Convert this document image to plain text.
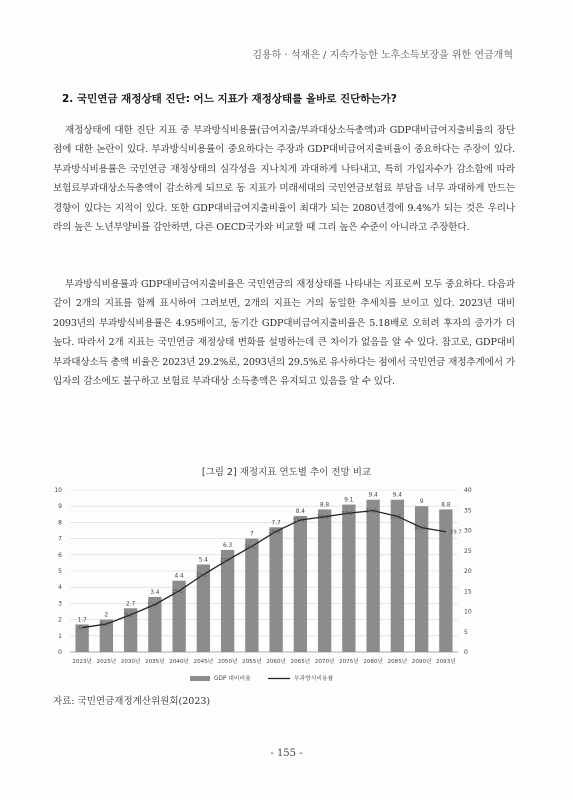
김용하 · 석재은 / 지속가능한 노후소득보장을 위한 연금개혁
2. 국민연금 재정상태 진단: 어느 지표가 재정상태를 올바로 진단하는가?

재정상태에 대한 진단 지표 중 부과방식비용률(급여지출/부과대상소득총액)과 GDP대비급여지출비율의 장단점에 대한 논란이 있다. 부과방식비용률이 중요하다는 주장과 GDP대비급여지출비율이 중요하다는 주장이 있다. 부과방식비용률은 국민연금 재정상태의 심각성을 지나치게 과대하게 나타내고, 특히 가입자수가 감소함에 따라 보험료부과대상소득총액이 감소하게 되므로 동 지표가 미래세대의 국민연금보험료 부담을 너무 과대하게 만드는 경향이 있다는 지적이 있다. 또한 GDP대비급여지출비율이 최대가 되는 2080년경에 9.4%가 되는 것은 우리나라의 높은 노년부양비를 감안하면, 다른 OECD국가와 비교할 때 그리 높은 수준이 아니라고 주장한다.

부과방식비용률과 GDP대비급여지출비율은 국민연금의 재정상태를 나타내는 지표로써 모두 중요하다. 다음과 같이 2개의 지표를 함께 표시하여 그려보면, 2개의 지표는 거의 동일한 추세치를 보이고 있다. 2023년 대비 2093년의 부과방식비용률은 4.95배이고, 동기간 GDP대비급여지출비율은 5.18배로 오히려 후자의 증가가 더 높다. 따라서 2개 지표는 국민연금 재정상태 변화를 설명하는데 큰 차이가 없음을 알 수 있다. 참고로, GDP대비 부과대상소득 총액 비율은 2023년 29.2%로, 2093년의 29.5%로 유사하다는 점에서 국민연금 재정추계에서 가입자의 감소에도 불구하고 보험료 부과대상 소득총액은 유지되고 있음을 알 수 있다.

[그림 2] 재정지표 연도별 추이 전망 비교
0
1
2
3
4
5
6
7
8
9
10
0
5
10
15
20
25
30
35
40
1.7
2
2.7
3.4
4.4
5.4
6.3
7
7.7
8.4
8.8
9.1
9.4	9.4
9
8.8
6
6.9
9.2
11.7
15.1
19.1
22.7
26.1
29.8
32.6
33.4
34.3 34.9
33.5
30.7
29.7
2023년 2025년 2030년 2035년 2040년 2045년 2050년 2055년 2060년 2065년 2070년 2075년 2080년 2085년 2090년 2093년
GDP 대비비율	부과방식비용률
자료: 국민연금재정계산위원회(2023)
- 155 -
